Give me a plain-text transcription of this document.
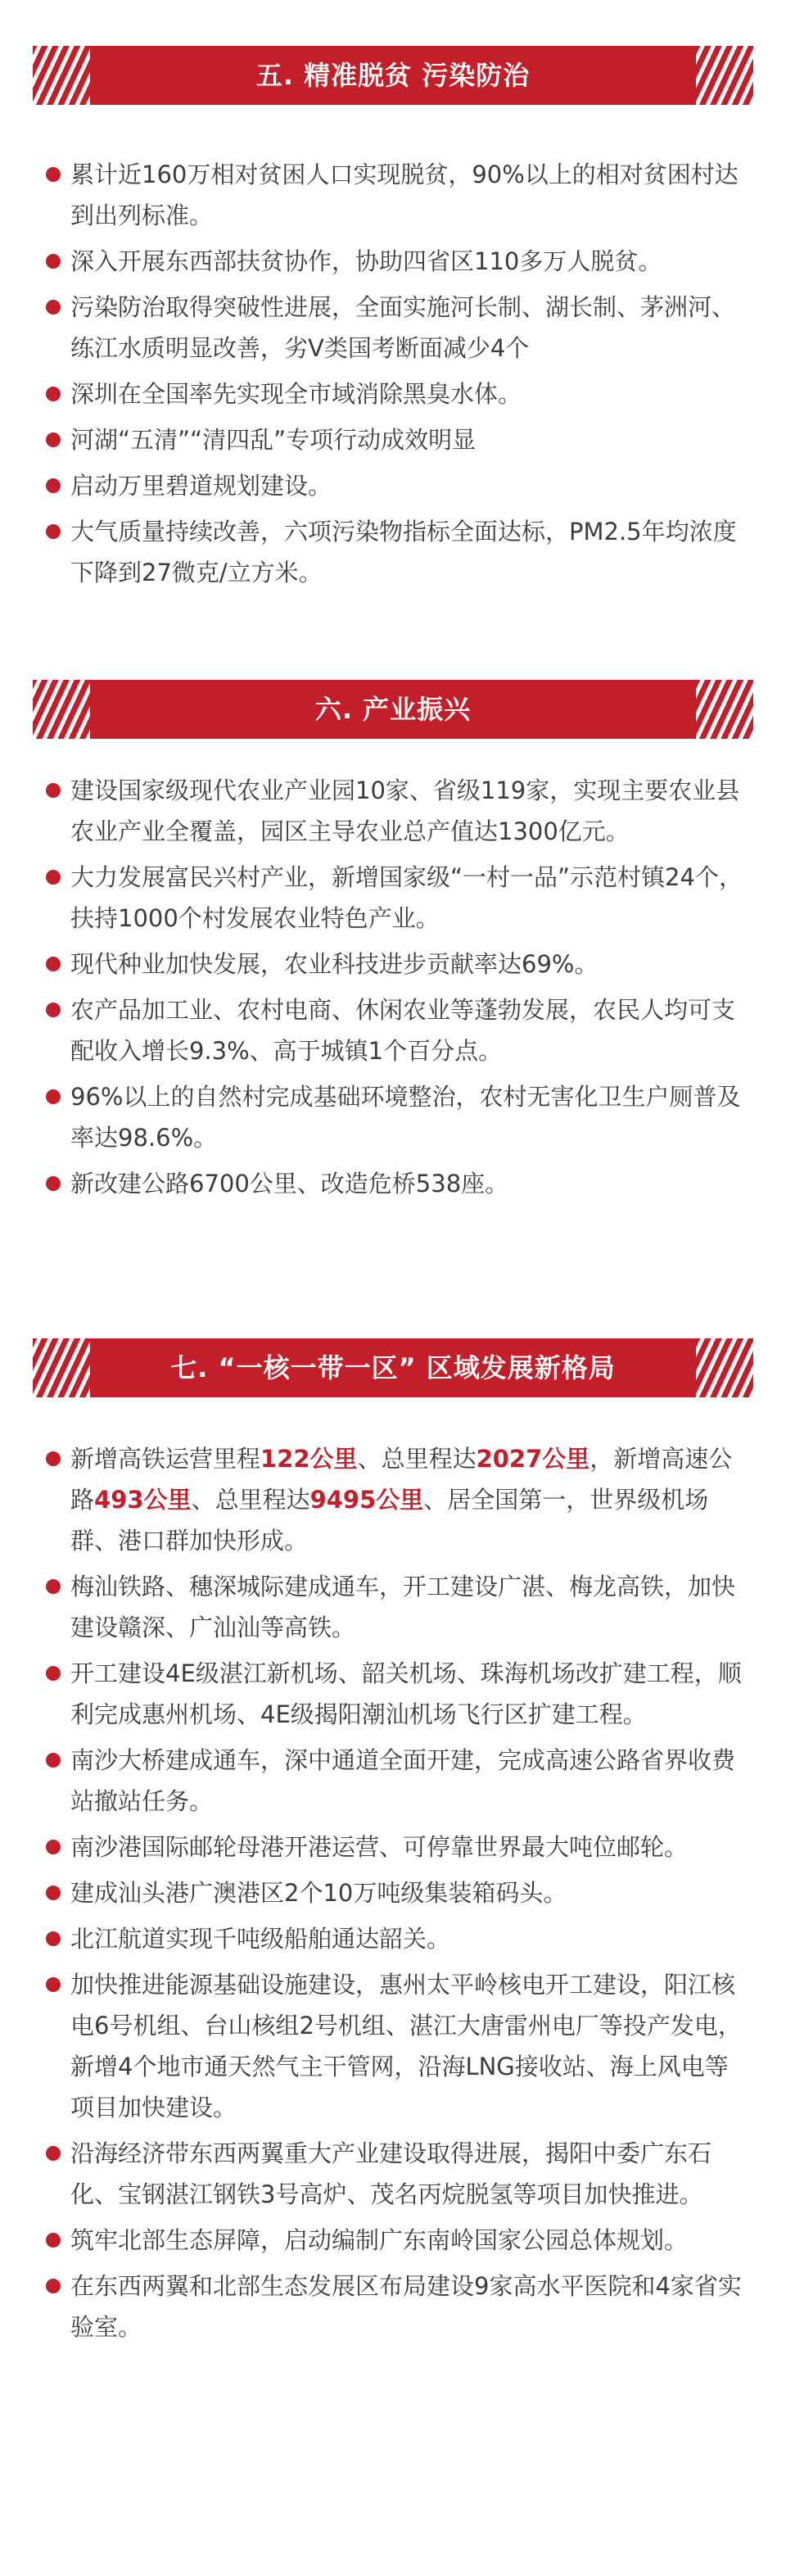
五. 精准脱贫 污染防治
累计近160万相对贫困人口实现脱贫，90%以上的相对贫困村达到出列标准。
深入开展东西部扶贫协作，协助四省区110多万人脱贫。
污染防治取得突破性进展，全面实施河长制、湖长制、茅洲河、练江水质明显改善，劣Ⅴ类国考断面减少4个
深圳在全国率先实现全市域消除黑臭水体。
河湖“五清”“清四乱”专项行动成效明显
启动万里碧道规划建设。
大气质量持续改善，六项污染物指标全面达标，PM2.5年均浓度下降到27微克/立方米。
六. 产业振兴
建设国家级现代农业产业园10家、省级119家，实现主要农业县农业产业全覆盖，园区主导农业总产值达1300亿元。
大力发展富民兴村产业，新增国家级“一村一品”示范村镇24个，扶持1000个村发展农业特色产业。
现代种业加快发展，农业科技进步贡献率达69%。
农产品加工业、农村电商、休闲农业等蓬勃发展，农民人均可支配收入增长9.3%、高于城镇1个百分点。
96%以上的自然村完成基础环境整治，农村无害化卫生户厕普及率达98.6%。
新改建公路6700公里、改造危桥538座。
七. “一核一带一区” 区域发展新格局
新增高铁运营里程122公里、总里程达2027公里，新增高速公路493公里、总里程达9495公里、居全国第一，世界级机场群、港口群加快形成。
梅汕铁路、穗深城际建成通车，开工建设广湛、梅龙高铁，加快建设赣深、广汕汕等高铁。
开工建设4E级湛江新机场、韶关机场、珠海机场改扩建工程，顺利完成惠州机场、4E级揭阳潮汕机场飞行区扩建工程。
南沙大桥建成通车，深中通道全面开建，完成高速公路省界收费站撤站任务。
南沙港国际邮轮母港开港运营、可停靠世界最大吨位邮轮。
建成汕头港广澳港区2个10万吨级集装箱码头。
北江航道实现千吨级船舶通达韶关。
加快推进能源基础设施建设，惠州太平岭核电开工建设，阳江核电6号机组、台山核组2号机组、湛江大唐雷州电厂等投产发电，新增4个地市通天然气主干管网，沿海LNG接收站、海上风电等项目加快建设。
沿海经济带东西两翼重大产业建设取得进展，揭阳中委广东石化、宝钢湛江钢铁3号高炉、茂名丙烷脱氢等项目加快推进。
筑牢北部生态屏障，启动编制广东南岭国家公园总体规划。
在东西两翼和北部生态发展区布局建设9家高水平医院和4家省实验室。
